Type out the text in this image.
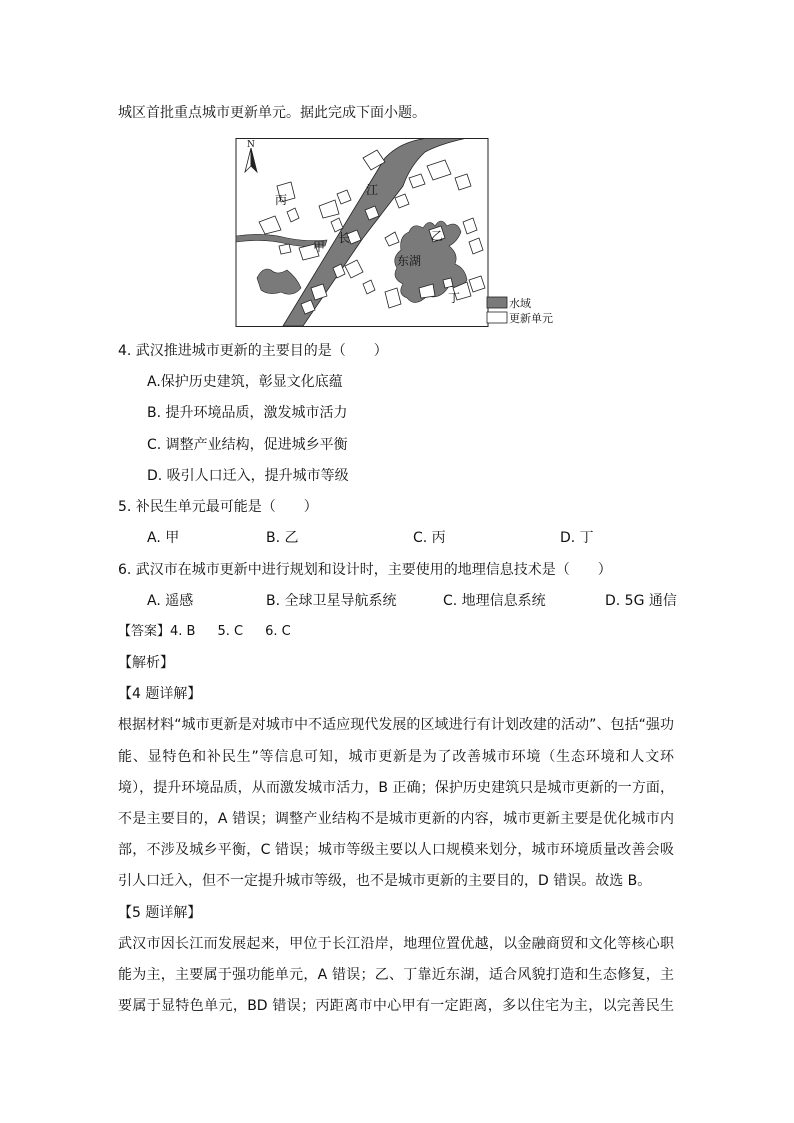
城区首批重点城市更新单元。据此完成下面小题。
N
江
长
丙
甲
乙
东湖
丁	水域
更新单元
4. 武汉推进城市更新的主要目的是（　　）
A.保护历史建筑，彰显文化底蕴
B. 提升环境品质，激发城市活力
C. 调整产业结构，促进城乡平衡
D. 吸引人口迁入，提升城市等级
5. 补民生单元最可能是（　　）
A. 甲	B. 乙	C. 丙	D. 丁
6. 武汉市在城市更新中进行规划和设计时，主要使用的地理信息技术是（　　）
A. 遥感	B. 全球卫星导航系统	C. 地理信息系统	D. 5G 通信
【答案】4. B 5. C 6. C
【解析】
【4 题详解】
根据材料“城市更新是对城市中不适应现代发展的区域进行有计划改建的活动”、包括“强功
能、显特色和补民生”等信息可知，城市更新是为了改善城市环境（生态环境和人文环
境），提升环境品质，从而激发城市活力，B 正确；保护历史建筑只是城市更新的一方面，
不是主要目的，A 错误；调整产业结构不是城市更新的内容，城市更新主要是优化城市内
部，不涉及城乡平衡，C 错误；城市等级主要以人口规模来划分，城市环境质量改善会吸
引人口迁入，但不一定提升城市等级，也不是城市更新的主要目的，D 错误。故选 B。
【5 题详解】
武汉市因长江而发展起来，甲位于长江沿岸，地理位置优越，以金融商贸和文化等核心职
能为主，主要属于强功能单元，A 错误；乙、丁靠近东湖，适合风貌打造和生态修复，主
要属于显特色单元，BD 错误；丙距离市中心甲有一定距离，多以住宅为主，以完善民生
